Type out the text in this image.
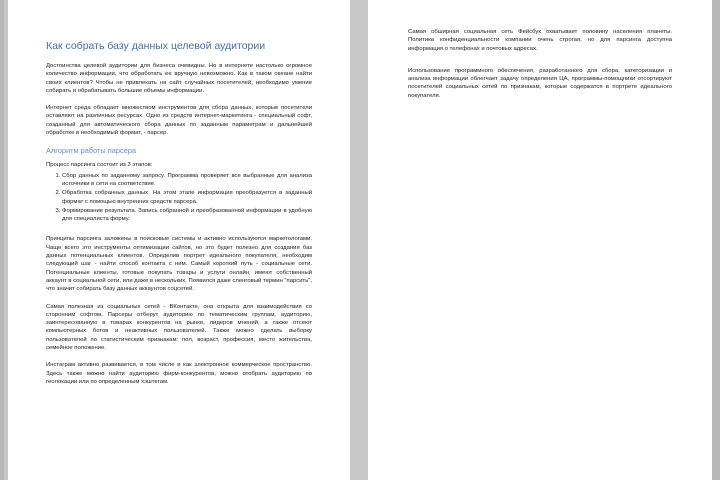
Как собрать базу данных целевой аудитории

Достоинства целевой аудитории для бизнеса очевидны. Но в интернете настолько огромное количество информации, что обработать ее вручную невозможно. Как в таком океане найти своих клиентов? Чтобы не привлекать на сайт случайных посетителей, необходимо умение собирать и обрабатывать большие объемы информации.

Интернет среда обладает множеством инструментов для сбора данных, которые посетители оставляют на различных ресурсах. Одно из средств интернет-маркетинга - специальный софт, созданный для автоматического сбора данных по заданным параметрам и дальнейшей обработке в необходимый формат, - парсер.

Алгоритм работы парсера
Процесс парсинга состоит из 3 этапов:
1. Сбор данных по заданному запросу. Программа проверяет все выбранные для анализа источники в сети на соответствие.
2. Обработка собранных данных. На этом этапе информация преобразуется в заданный формат с помощью внутренних средств парсера.
3. Формирование результата. Запись собранной и преобразованной информации в удобную для специалиста форму.

Принципы парсинга заложены в поисковые системы и активно используются маркетологами. Чаще всего это инструменты оптимизации сайтов, но это будет полезно для создания баз данных потенциальных клиентов. Определив портрет идеального покупателя, необходим следующий шаг - найти способ контакта с ним. Самый короткий путь - социальные сети. Потенциальные клиенты, готовые покупать товары и услуги онлайн, имеют собственный аккаунт в социальной сети, или даже в нескольких. Появился даже сленговый термин "парсить", что значит собирать базу данных аккаунтов соцсетей.

Самая полезная из социальных сетей - ВКонтакте, она открыта для взаимодействия со сторонним софтом. Парсеры отберут аудиторию по тематическим группам, аудиторию, заинтересованную в товарах конкурентов на рынке, лидеров мнений, а также отсеют компьютерных ботов и неактивных пользователей. Также можно сделать выборку пользователей по статистическим признакам: пол, возраст, профессия, место жительства, семейное положение.

Инстаграм активно развивается, в том числе и как электронное коммерческое пространство. Здесь также можно найти аудиторию фирм-конкурентов, можно отобрать аудиторию по геолокации или по определенным хэштегам.

Самая обширная социальная сеть Фейсбук охватывает половину населения планеты. Политика конфиденциальности компании очень строгая, но для парсинга доступна информация о телефонах и почтовых адресах.

Использование программного обеспечения, разработанного для сбора, категоризации и анализа информации облегчает задачу определения ЦА, программы-помощники отсортируют посетителей социальных сетей по признакам, которые содержатся в портрете идеального покупателя.
